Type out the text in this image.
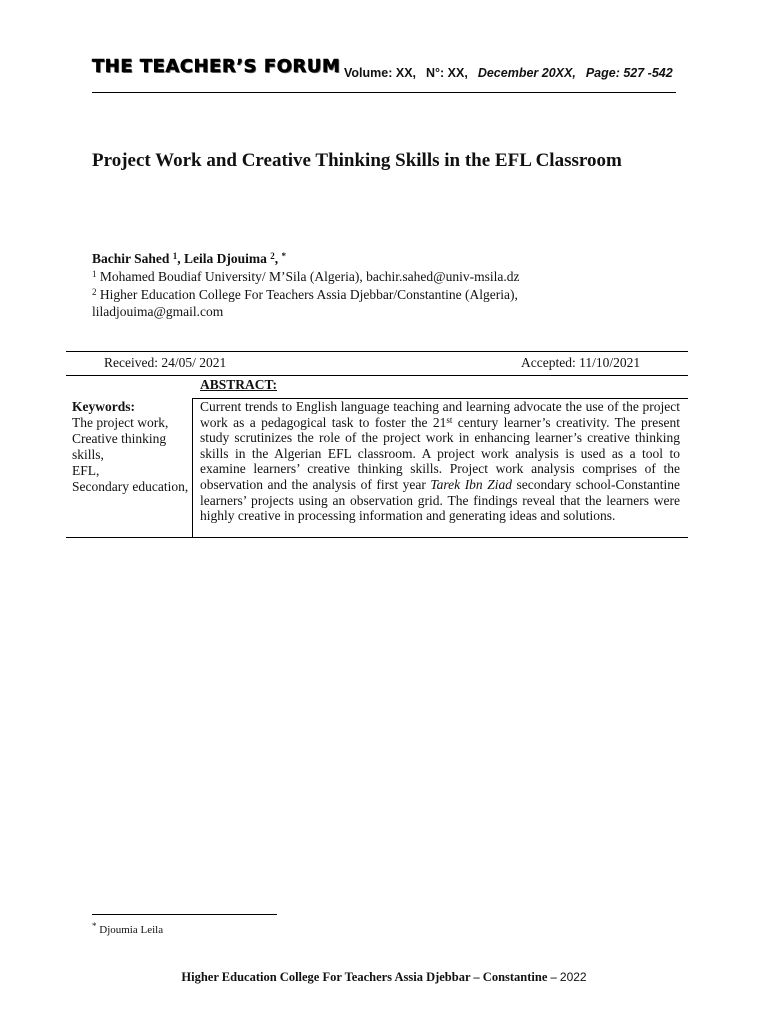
THE TEACHER’S FORUM Volume: XX, N°: XX, December 20XX, Page: 527 -542
Project Work and Creative Thinking Skills in the EFL Classroom
Bachir Sahed $^1$, Leila Djouima $^2$, *
$^1$ Mohamed Boudiaf University/ M’Sila (Algeria), bachir.sahed@univ-msila.dz
$^2$ Higher Education College For Teachers Assia Djebbar/Constantine (Algeria),
liladjouima@gmail.com
Received: 24/05/ 2021	Accepted: 11/10/2021
ABSTRACT:
Keywords:
The project work,
Creative thinking skills,
EFL,
Secondary education,

Current trends to English language teaching and learning advocate the use of the project work as a pedagogical task to foster the 21st century learner’s creativity. The present study scrutinizes the role of the project work in enhancing learner’s creative thinking skills in the Algerian EFL classroom. A project work analysis is used as a tool to examine learners’ creative thinking skills. Project work analysis comprises of the observation and the analysis of first year Tarek Ibn Ziad secondary school-Constantine learners’ projects using an observation grid. The findings reveal that the learners were highly creative in processing information and generating ideas and solutions.

* Djoumia Leila
Higher Education College For Teachers Assia Djebbar – Constantine – 2022
